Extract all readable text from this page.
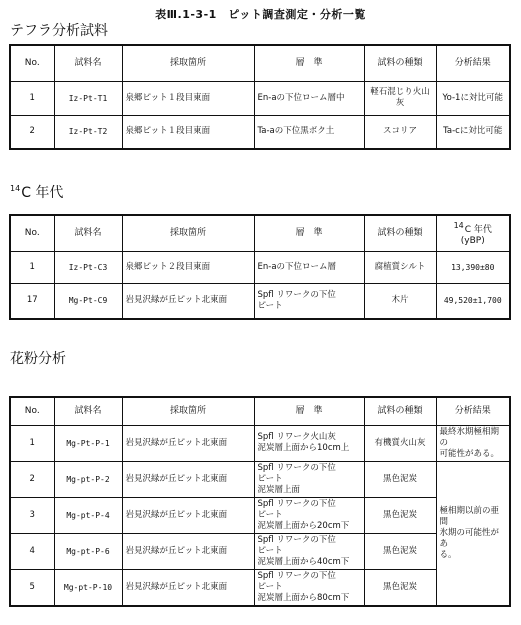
表Ⅲ.1-3-1　ピット調査測定・分析一覧
テフラ分析試料
No.	試料名	採取箇所	層　準	試料の種類	分析結果
1	Iz-Pt-T1	泉郷ピット１段目東面	En-aの下位ローム層中	軽石混じり火山灰	Yo-1に対比可能
2	Iz-Pt-T2	泉郷ピット１段目東面	Ta-aの下位黒ボク土	スコリア	Ta-cに対比可能
$^{14}$C 年代
No.	試料名	採取箇所	層　準	試料の種類	14C 年代
(yBP)
1	Iz-Pt-C3	泉郷ピット２段目東面	En-aの下位ローム層	腐植質シルト	13,390±80
17	Mg-Pt-C9	岩見沢緑が丘ピット北東面	Spfl リワークの下位
ピート	木片	49,520±1,700
花粉分析
No.	試料名	採取箇所	層　準	試料の種類	分析結果
1	Mg-Pt-P-1	岩見沢緑が丘ピット北東面	Spfl リワーク火山灰
泥炭層上面から10cm上	有機質火山灰	最終氷期極相期の
可能性がある。
2	Mg-pt-P-2	岩見沢緑が丘ピット北東面	Spfl リワークの下位
ピート
泥炭層上面	黒色泥炭	極相期以前の亜間
氷期の可能性があ
る。
3	Mg-pt-P-4	岩見沢緑が丘ピット北東面	Spfl リワークの下位
ピート
泥炭層上面から20cm下	黒色泥炭	
4	Mg-pt-P-6	岩見沢緑が丘ピット北東面	Spfl リワークの下位
ピート
泥炭層上面から40cm下	黒色泥炭	
5	Mg-pt-P-10	岩見沢緑が丘ピット北東面	Spfl リワークの下位
ピート
泥炭層上面から80cm下	黒色泥炭	
